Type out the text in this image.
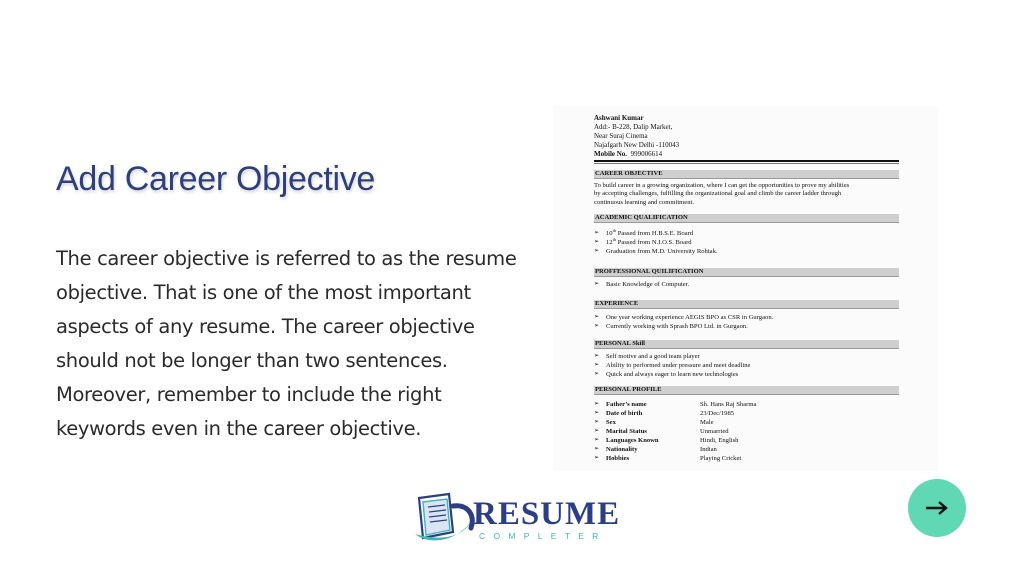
Add Career Objective
The career objective is referred to as the resume
objective. That is one of the most important
aspects of any resume. The career objective
should not be longer than two sentences.
Moreover, remember to include the right
keywords even in the career objective.
Ashwani Kumar
Add:- B-228, Dalip Market,
Near Suraj Cinema
Najafgarh New Delhi -110043
Mobile No. 999006614
CAREER OBJECTIVE

To build career in a growing organization, where I can get the opportunities to prove my abilities

by accepting challenges, fulfilling the organizational goal and climb the career ladder through

continuous learning and commitment.

ACADEMIC QUALIFICATION
➢ 10th Passed from H.B.S.E. Board
➢ 12th Passed from N.I.O.S. Board
➢ Graduation from M.D. University Rohtak.
PROFFESSIONAL QUILIFICATION
➢ Basic Knowledge of Computer.
EXPERIENCE
➢ One year working experience AEGIS BPO as CSR in Gurgaon.
➢ Currently working with Sprash BPO Ltd. in Gurgaon.
PERSONAL Skill
➢ Self motive and a good team player
➢ Ability to performed under pressure and meet deadline
➢ Quick and always eager to learn new technologies
PERSONAL PROFILE
➢ Father’s name	Sh. Hans Raj Sharma
➢ Date of birth	23/Dec/1985
➢ Sex	Male
➢ Marital Status	Unmarried
➢ Languages Known	Hindi, English
➢ Nationality	Indian
➢ Hobbies	Playing Cricket
RESUME
COMPLETER
